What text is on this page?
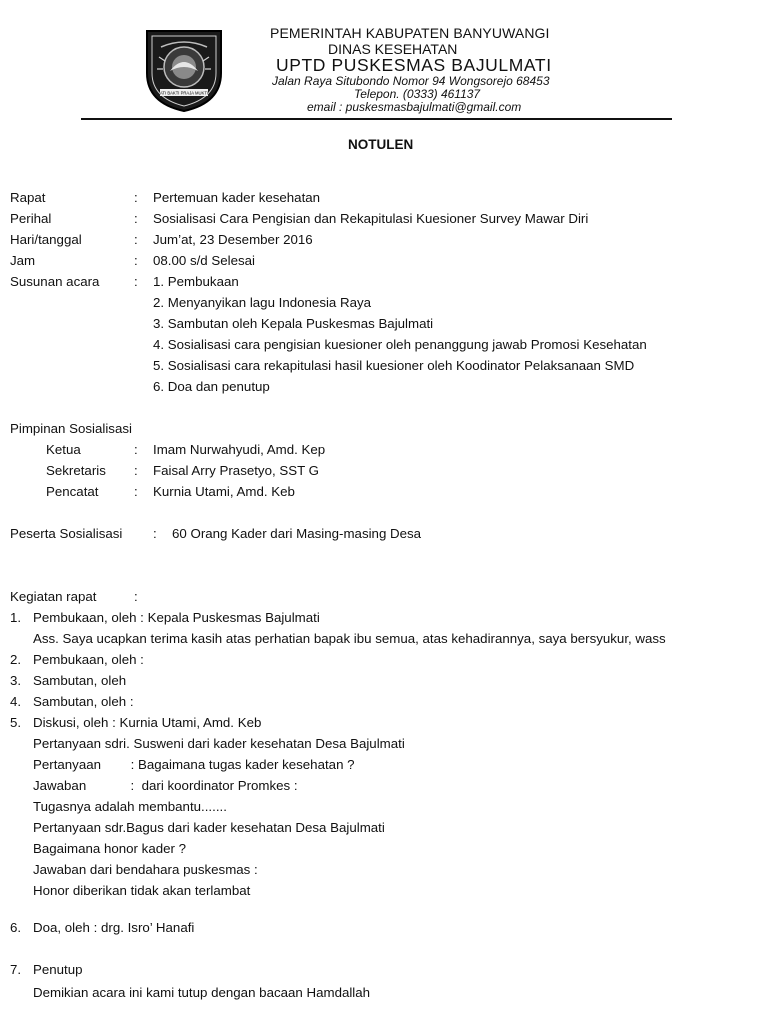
ATI BAKTI PRAJA MUKTI
PEMERINTAH KABUPATEN BANYUWANGI
DINAS KESEHATAN
UPTD PUSKESMAS BAJULMATI
Jalan Raya Situbondo Nomor 94 Wongsorejo 68453
Telepon. (0333) 461137
email : puskesmasbajulmati@gmail.com
NOTULEN
Rapat	: Pertemuan kader kesehatan
Perihal	: Sosialisasi Cara Pengisian dan Rekapitulasi Kuesioner Survey Mawar Diri
Hari/tanggal	: Jum’at, 23 Desember 2016
Jam	: 08.00 s/d Selesai
Susunan acara	: 1. Pembukaan
2. Menyanyikan lagu Indonesia Raya
3. Sambutan oleh Kepala Puskesmas Bajulmati
4. Sosialisasi cara pengisian kuesioner oleh penanggung jawab Promosi Kesehatan
5. Sosialisasi cara rekapitulasi hasil kuesioner oleh Koodinator Pelaksanaan SMD
6. Doa dan penutup
Pimpinan Sosialisasi
Ketua	: Imam Nurwahyudi, Amd. Kep
Sekretaris : Faisal Arry Prasetyo, SST G
Pencatat	: Kurnia Utami, Amd. Keb
Peserta Sosialisasi : 60 Orang Kader dari Masing-masing Desa
Kegiatan rapat	:
1. Pembukaan, oleh : Kepala Puskesmas Bajulmati
Ass. Saya ucapkan terima kasih atas perhatian bapak ibu semua, atas kehadirannya, saya bersyukur, wass
2. Pembukaan, oleh :
3. Sambutan, oleh
4. Sambutan, oleh :
5. Diskusi, oleh : Kurnia Utami, Amd. Keb
Pertanyaan sdri. Susweni dari kader kesehatan Desa Bajulmati
Pertanyaan        : Bagaimana tugas kader kesehatan ?
Jawaban            :  dari koordinator Promkes :
Tugasnya adalah membantu.......
Pertanyaan sdr.Bagus dari kader kesehatan Desa Bajulmati
Bagaimana honor kader ?
Jawaban dari bendahara puskesmas :
Honor diberikan tidak akan terlambat
6. Doa, oleh : drg. Isro’ Hanafi
7. Penutup
Demikian acara ini kami tutup dengan bacaan Hamdallah
